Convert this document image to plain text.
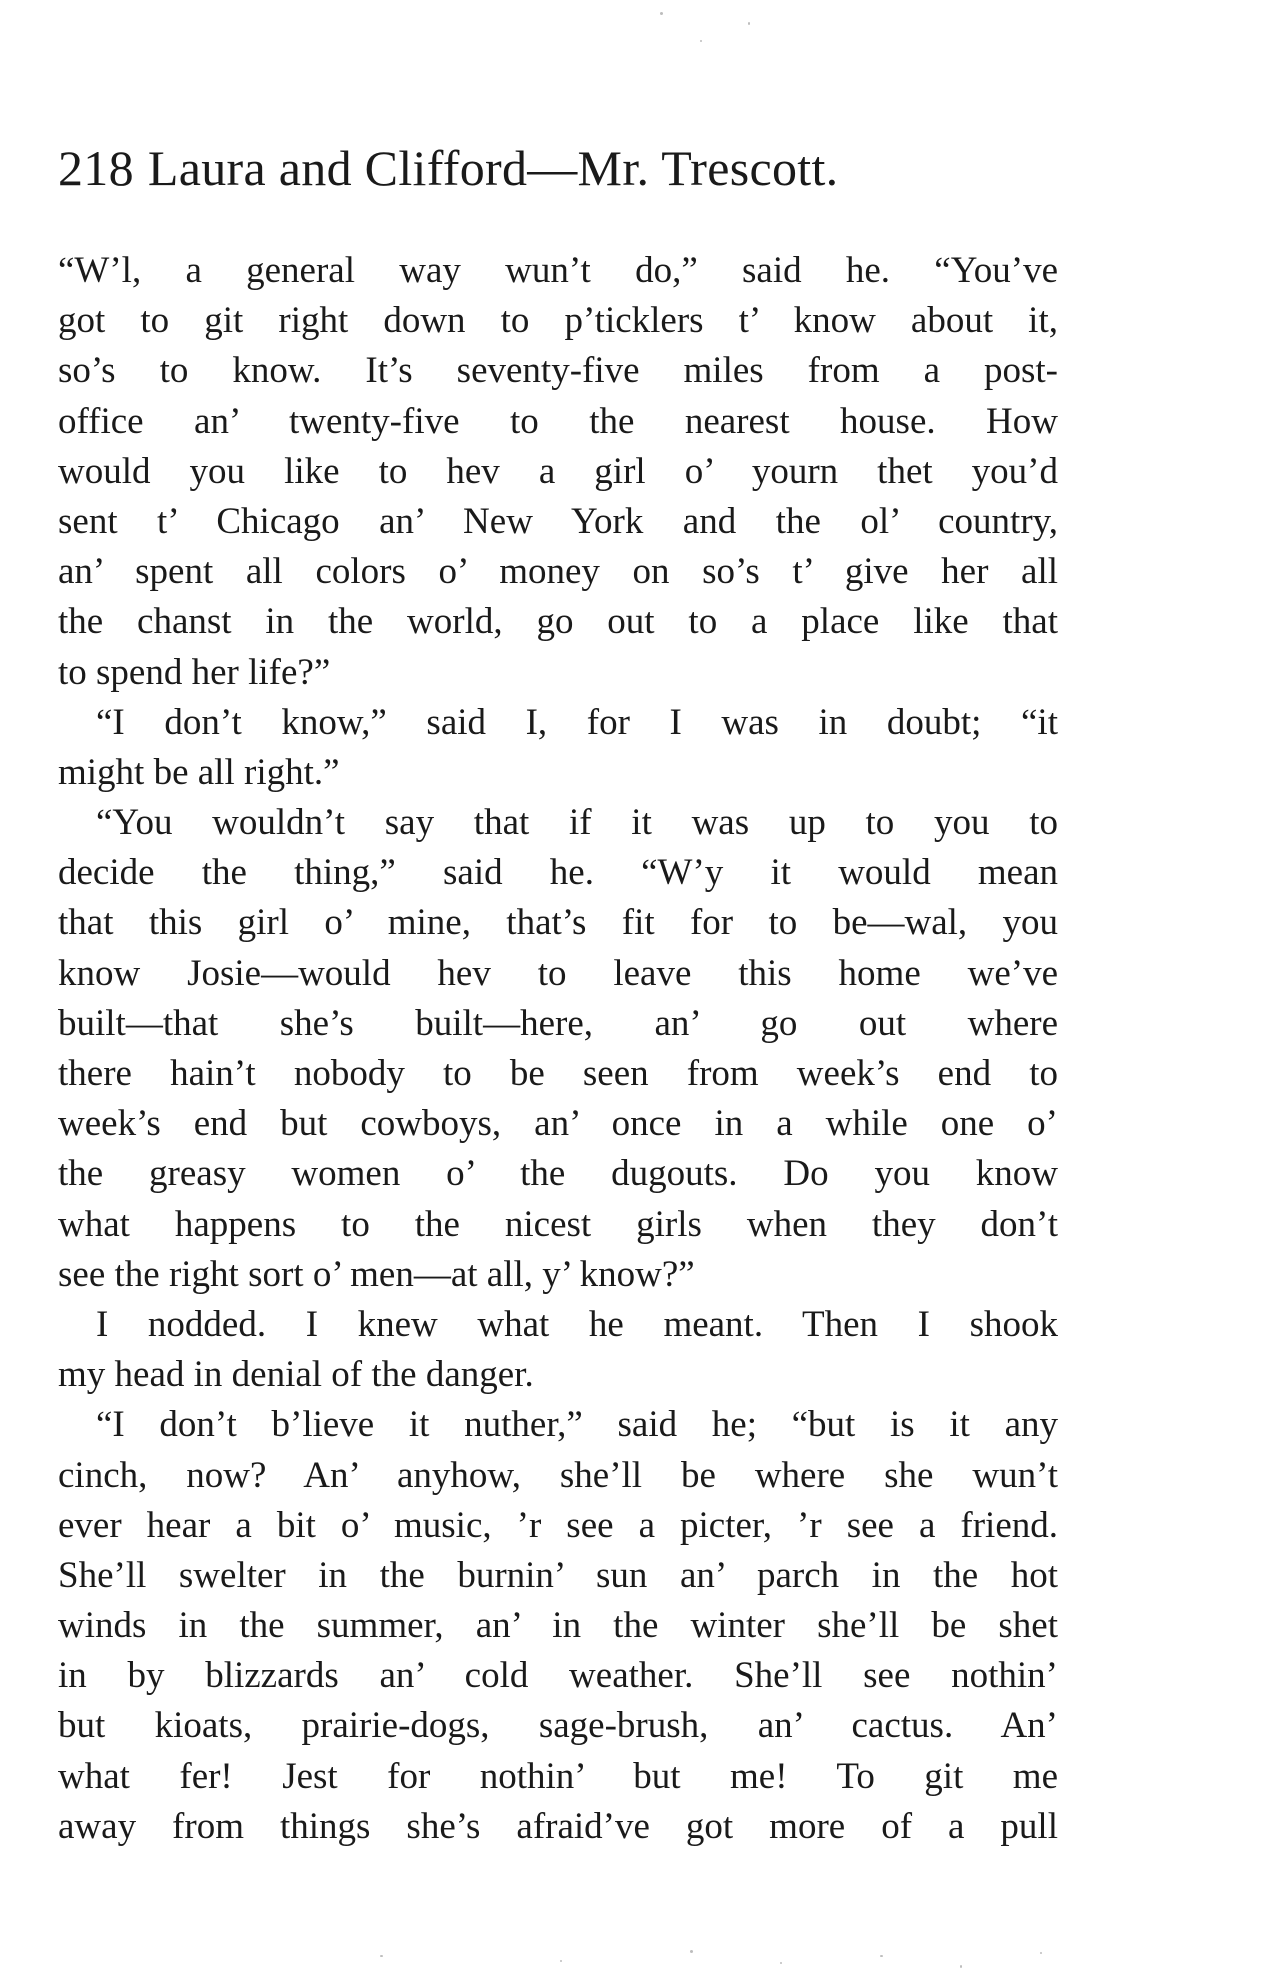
218 Laura and Clifford—Mr. Trescott.
“W’l, a general way wun’t do,” said he. “You’ve
got to git right down to p’ticklers t’ know about it,
so’s to know. It’s seventy-five miles from a post-
office an’ twenty-five to the nearest house. How
would you like to hev a girl o’ yourn thet you’d
sent t’ Chicago an’ New York and the ol’ country,
an’ spent all colors o’ money on so’s t’ give her all
the chanst in the world, go out to a place like that
to spend her life?”
“I don’t know,” said I, for I was in doubt; “it
might be all right.”
“You wouldn’t say that if it was up to you to
decide the thing,” said he. “W’y it would mean
that this girl o’ mine, that’s fit for to be—wal, you
know Josie—would hev to leave this home we’ve
built—that she’s built—here, an’ go out where
there hain’t nobody to be seen from week’s end to
week’s end but cowboys, an’ once in a while one o’
the greasy women o’ the dugouts. Do you know
what happens to the nicest girls when they don’t
see the right sort o’ men—at all, y’ know?”
I nodded. I knew what he meant. Then I shook
my head in denial of the danger.
“I don’t b’lieve it nuther,” said he; “but is it any
cinch, now? An’ anyhow, she’ll be where she wun’t
ever hear a bit o’ music, ’r see a picter, ’r see a friend.
She’ll swelter in the burnin’ sun an’ parch in the hot
winds in the summer, an’ in the winter she’ll be shet
in by blizzards an’ cold weather. She’ll see nothin’
but kioats, prairie-dogs, sage-brush, an’ cactus. An’
what fer! Jest for nothin’ but me! To git me
away from things she’s afraid’ve got more of a pull
